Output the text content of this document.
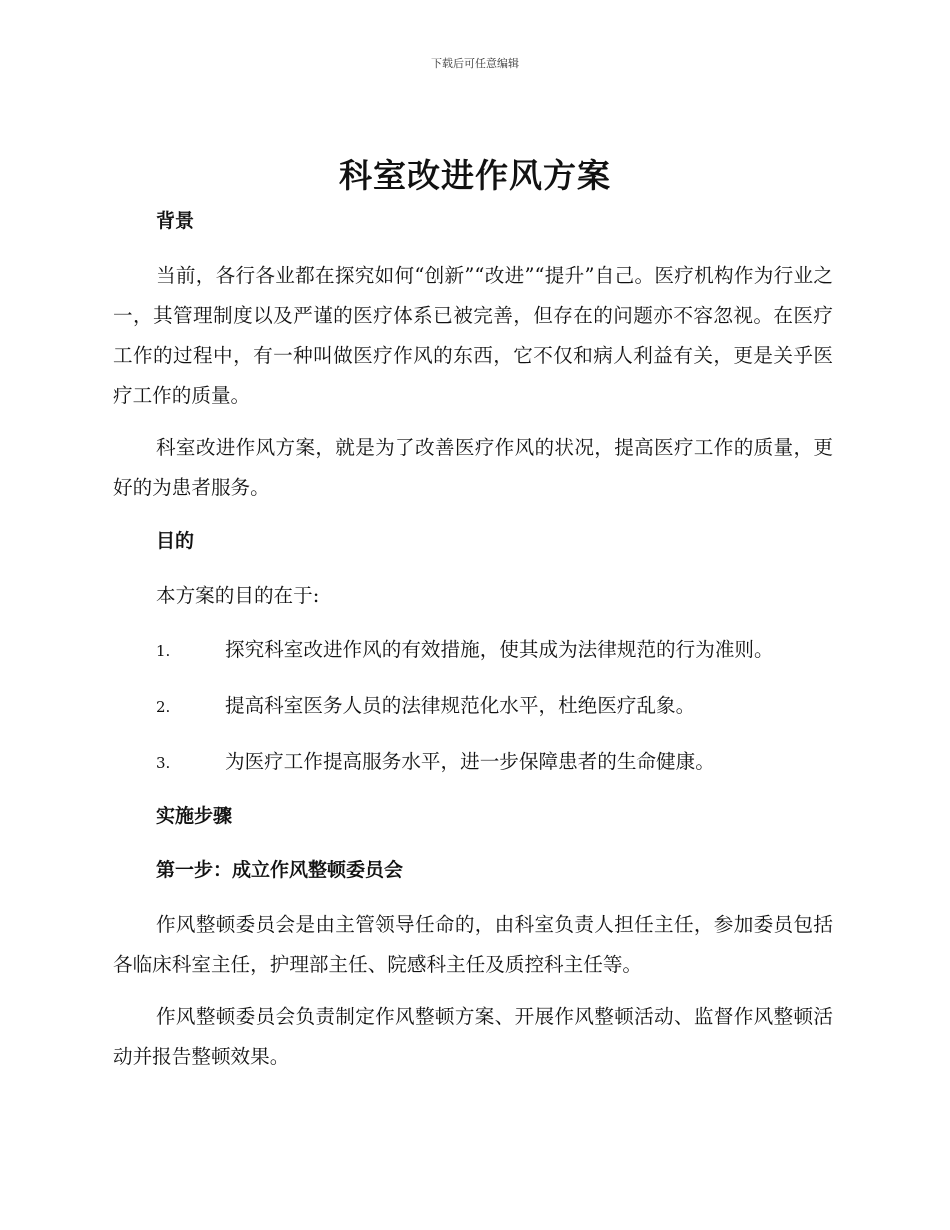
下载后可任意编辑
科室改进作风方案
背景

当前，各行各业都在探究如何“创新”“改进”“提升”自己。医疗机构作为行业之一，其管理制度以及严谨的医疗体系已被完善，但存在的问题亦不容忽视。在医疗工作的过程中，有一种叫做医疗作风的东西，它不仅和病人利益有关，更是关乎医疗工作的质量。

科室改进作风方案，就是为了改善医疗作风的状况，提高医疗工作的质量，更好的为患者服务。

目的

本方案的目的在于:

1.	探究科室改进作风的有效措施，使其成为法律规范的行为准则。
2.	提高科室医务人员的法律规范化水平，杜绝医疗乱象。
3.	为医疗工作提高服务水平，进一步保障患者的生命健康。
实施步骤
第一步：成立作风整顿委员会

作风整顿委员会是由主管领导任命的，由科室负责人担任主任，参加委员包括各临床科室主任，护理部主任、院感科主任及质控科主任等。

作风整顿委员会负责制定作风整顿方案、开展作风整顿活动、监督作风整顿活动并报告整顿效果。
